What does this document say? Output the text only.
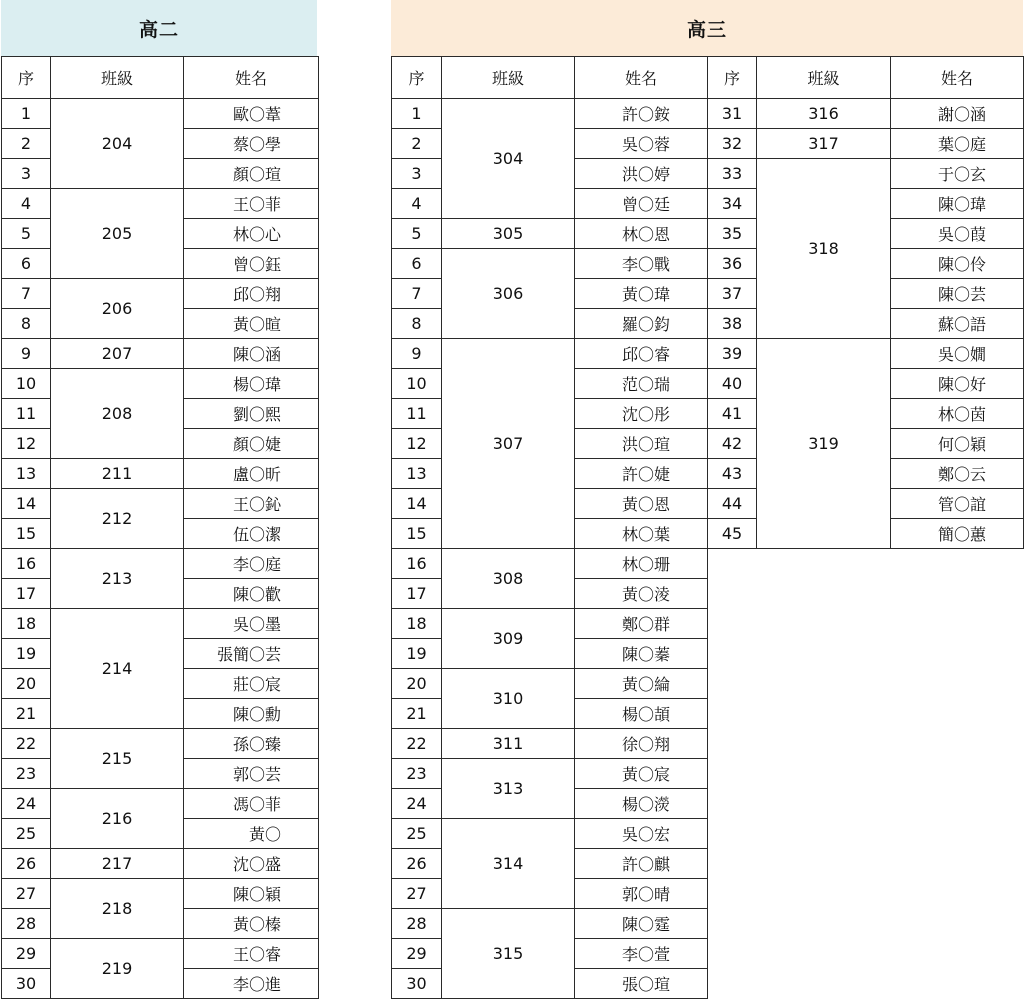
高二
序	班級	姓名
1	204	歐〇葦
2		蔡〇學
3		顏〇瑄
4	205	王〇菲
5		林〇心
6		曾〇鈺
7	206	邱〇翔
8		黃〇暄
9	207	陳〇涵
10	208	楊〇瑋
11		劉〇熙
12		顏〇婕
13	211	盧〇昕
14	212	王〇鈊
15		伍〇潔
16	213	李〇庭
17		陳〇歡
18	214	吳〇墨
19		張簡〇芸
20		莊〇宸
21		陳〇勳
22	215	孫〇臻
23		郭〇芸
24	216	馮〇菲
25		黃〇
26	217	沈〇盛
27	218	陳〇穎
28		黃〇榛
29	219	王〇睿
30		李〇進
高三
序	班級	姓名	序	班級	姓名
1	304	許〇銨	31	316	謝〇涵
2		吳〇蓉	32	317	葉〇庭
3		洪〇婷	33	318	于〇玄
4		曾〇廷	34		陳〇瑋
5	305	林〇恩	35		吳〇葭
6	306	李〇戰	36		陳〇伶
7		黃〇瑋	37		陳〇芸
8		羅〇鈞	38		蘇〇語
9	307	邱〇睿	39	319	吳〇嫺
10		范〇瑞	40		陳〇好
11		沈〇彤	41		林〇茵
12		洪〇瑄	42		何〇穎
13		許〇婕	43		鄭〇云
14		黃〇恩	44		管〇誼
15		林〇葉	45		簡〇蕙
16	308	林〇珊			
17		黃〇淩			
18	309	鄭〇群			
19		陳〇蓁			
20	310	黃〇綸			
21		楊〇頡			
22	311	徐〇翔			
23	313	黃〇宸			
24		楊〇濙			
25	314	吳〇宏			
26		許〇麒			
27		郭〇晴			
28	315	陳〇霆			
29		李〇萱			
30		張〇瑄			
